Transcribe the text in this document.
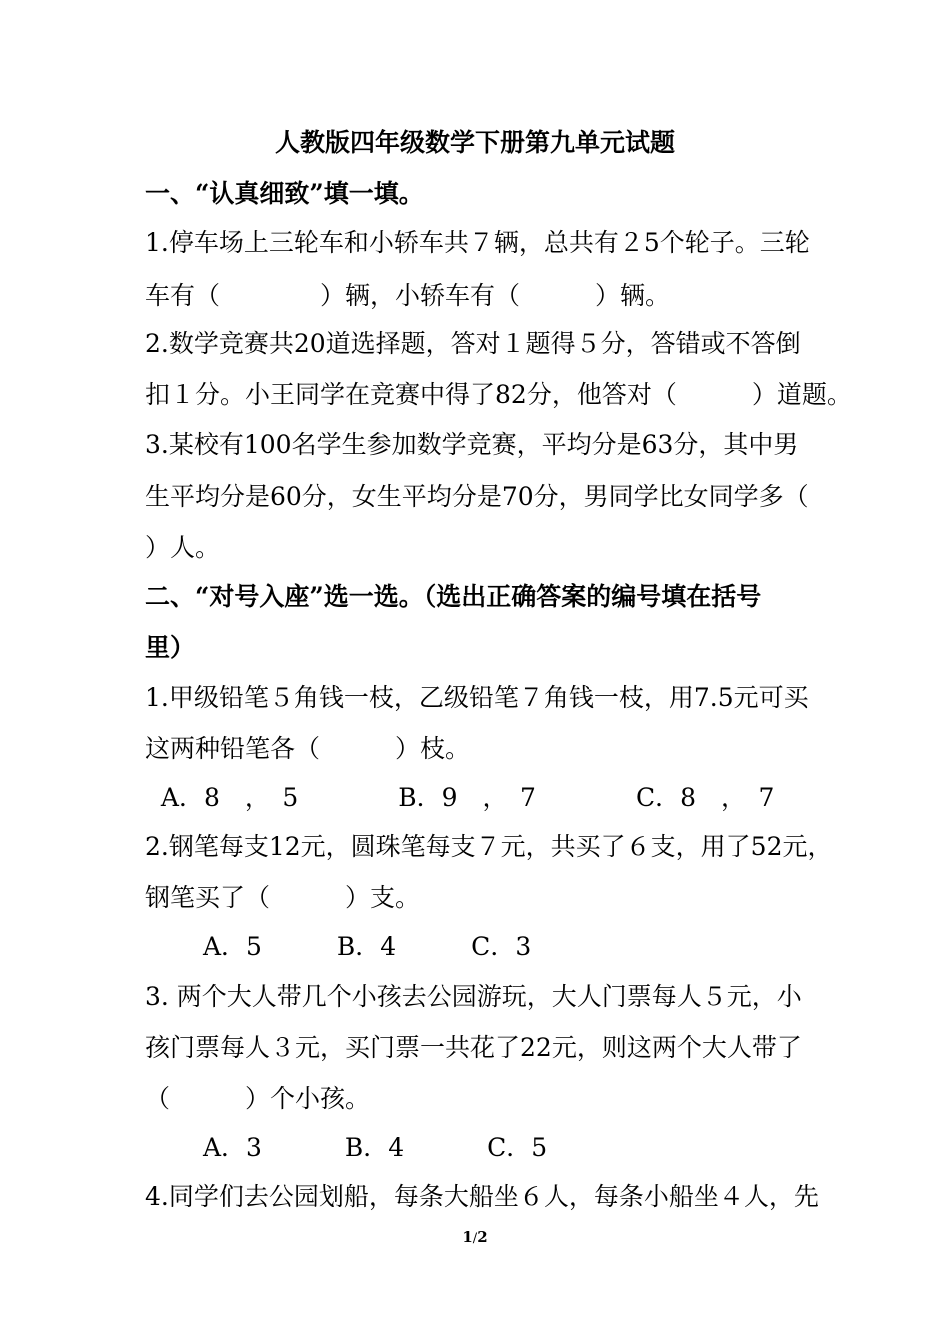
人教版四年级数学下册第九单元试题
一、“认真细致”填一填。
1.停车场上三轮车和小轿车共７辆，总共有２5个轮子。三轮
车有（　　　　）辆，小轿车有（　　　）辆。
2.数学竞赛共20道选择题，答对１题得５分，答错或不答倒
扣１分。小王同学在竞赛中得了82分，他答对（　　　）道题。
3.某校有100名学生参加数学竞赛，平均分是63分，其中男
生平均分是60分，女生平均分是70分，男同学比女同学多（
）人。
二、“对号入座”选一选。（选出正确答案的编号填在括号
里）
1.甲级铅笔５角钱一枝，乙级铅笔７角钱一枝，用7.5元可买
这两种铅笔各（　　　）枝。
A．8　，　5　　　　B．9　，　7　　　　C．8　，　7
2.钢笔每支12元，圆珠笔每支７元，共买了６支，用了52元，
钢笔买了（　　　）支。
　　 A．5　　　B．4　　　C．3
3. 两个大人带几个小孩去公园游玩，大人门票每人５元，小
孩门票每人３元，买门票一共花了22元，则这两个大人带了
（　　　）个小孩。
　　 A．3　　　 B．4　　　 C．5
4.同学们去公园划船，每条大船坐６人，每条小船坐４人，先
1/2
